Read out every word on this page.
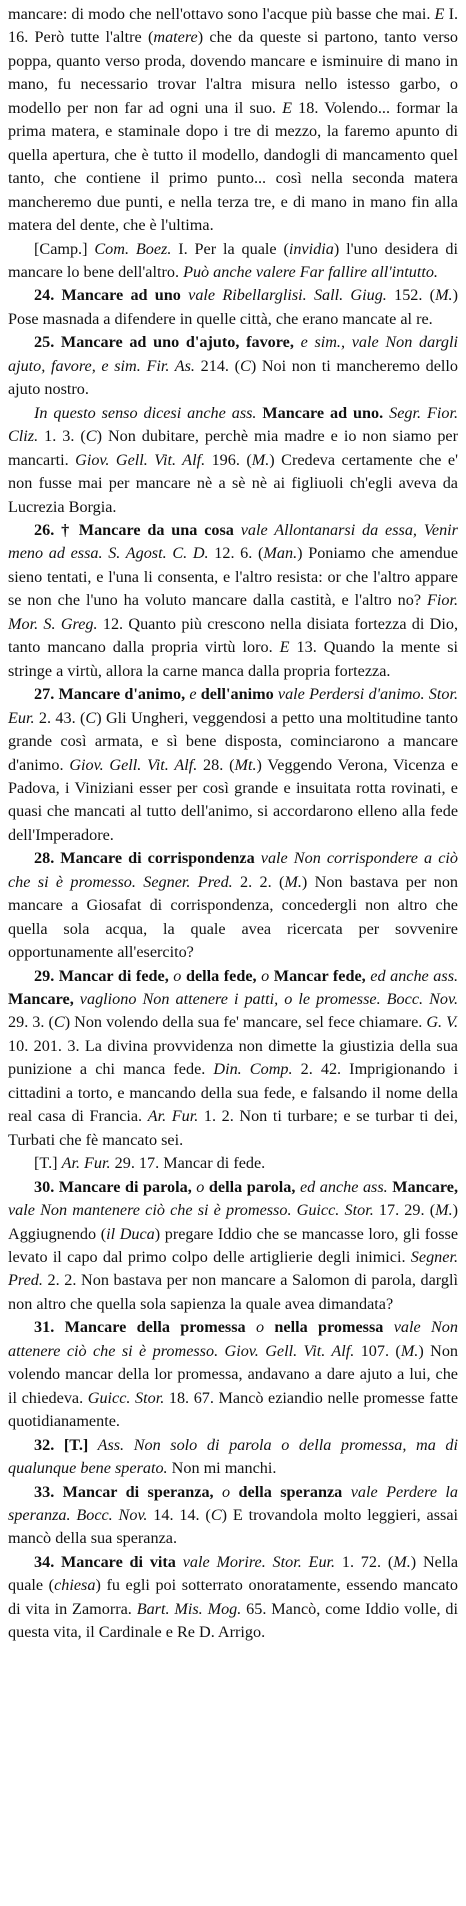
mancare: di modo che nell'ottavo sono l'acque più basse che mai. E I. 16. Però tutte l'altre (matere) che da queste si partono, tanto verso poppa, quanto verso proda, dovendo mancare e isminuire di mano in mano, fu necessario trovar l'altra misura nello istesso garbo, o modello per non far ad ogni una il suo. E 18. Volendo... formar la prima matera, e staminale dopo i tre di mezzo, la faremo apunto di quella apertura, che è tutto il modello, dandogli di mancamento quel tanto, che contiene il primo punto... così nella seconda matera mancheremo due punti, e nella terza tre, e di mano in mano fin alla matera del dente, che è l'ultima.

[Camp.] Com. Boez. I. Per la quale (invidia) l'uno desidera di mancare lo bene dell'altro. Può anche valere Far fallire all'intutto.

24. Mancare ad uno vale Ribellarglisi. Sall. Giug. 152. (M.) Pose masnada a difendere in quelle città, che erano mancate al re.

25. Mancare ad uno d'ajuto, favore, e sim., vale Non dargli ajuto, favore, e sim. Fir. As. 214. (C) Noi non ti mancheremo dello ajuto nostro.

In questo senso dicesi anche ass. Mancare ad uno. Segr. Fior. Cliz. 1. 3. (C) Non dubitare, perchè mia madre e io non siamo per mancarti. Giov. Gell. Vit. Alf. 196. (M.) Credeva certamente che e' non fusse mai per mancare nè a sè nè ai figliuoli ch'egli aveva da Lucrezia Borgia.

26. † Mancare da una cosa vale Allontanarsi da essa, Venir meno ad essa. S. Agost. C. D. 12. 6. (Man.) Poniamo che amendue sieno tentati, e l'una li consenta, e l'altro resista: or che l'altro appare se non che l'uno ha voluto mancare dalla castità, e l'altro no? Fior. Mor. S. Greg. 12. Quanto più crescono nella disiata fortezza di Dio, tanto mancano dalla propria virtù loro. E 13. Quando la mente si stringe a virtù, allora la carne manca dalla propria fortezza.

27. Mancare d'animo, e dell'animo vale Perdersi d'animo. Stor. Eur. 2. 43. (C) Gli Ungheri, veggendosi a petto una moltitudine tanto grande così armata, e sì bene disposta, cominciarono a mancare d'animo. Giov. Gell. Vit. Alf. 28. (Mt.) Veggendo Verona, Vicenza e Padova, i Viniziani esser per così grande e insuitata rotta rovinati, e quasi che mancati al tutto dell'animo, si accordarono elleno alla fede dell'Imperadore.

28. Mancare di corrispondenza vale Non corrispondere a ciò che si è promesso. Segner. Pred. 2. 2. (M.) Non bastava per non mancare a Giosafat di corrispondenza, concedergli non altro che quella sola acqua, la quale avea ricercata per sovvenire opportunamente all'esercito?

29. Mancar di fede, o della fede, o Mancar fede, ed anche ass. Mancare, vagliono Non attenere i patti, o le promesse. Bocc. Nov. 29. 3. (C) Non volendo della sua fe' mancare, sel fece chiamare. G. V. 10. 201. 3. La divina provvidenza non dimette la giustizia della sua punizione a chi manca fede. Din. Comp. 2. 42. Imprigionando i cittadini a torto, e mancando della sua fede, e falsando il nome della real casa di Francia. Ar. Fur. 1. 2. Non ti turbare; e se turbar ti dei, Turbati che fè mancato sei.

[T.] Ar. Fur. 29. 17. Mancar di fede.

30. Mancare di parola, o della parola, ed anche ass. Mancare, vale Non mantenere ciò che si è promesso. Guicc. Stor. 17. 29. (M.) Aggiugnendo (il Duca) pregare Iddio che se mancasse loro, gli fosse levato il capo dal primo colpo delle artiglierie degli inimici. Segner. Pred. 2. 2. Non bastava per non mancare a Salomon di parola, darglì non altro che quella sola sapienza la quale avea dimandata?

31. Mancare della promessa o nella promessa vale Non attenere ciò che si è promesso. Giov. Gell. Vit. Alf. 107. (M.) Non volendo mancar della lor promessa, andavano a dare ajuto a lui, che il chiedeva. Guicc. Stor. 18. 67. Mancò eziandio nelle promesse fatte quotidianamente.

32. [T.] Ass. Non solo di parola o della promessa, ma di qualunque bene sperato. Non mi manchi.

33. Mancar di speranza, o della speranza vale Perdere la speranza. Bocc. Nov. 14. 14. (C) E trovandola molto leggieri, assai mancò della sua speranza.

34. Mancare di vita vale Morire. Stor. Eur. 1. 72. (M.) Nella quale (chiesa) fu egli poi sotterrato onoratamente, essendo mancato di vita in Zamorra. Bart. Mis. Mog. 65. Mancò, come Iddio volle, di questa vita, il Cardinale e Re D. Arrigo.
